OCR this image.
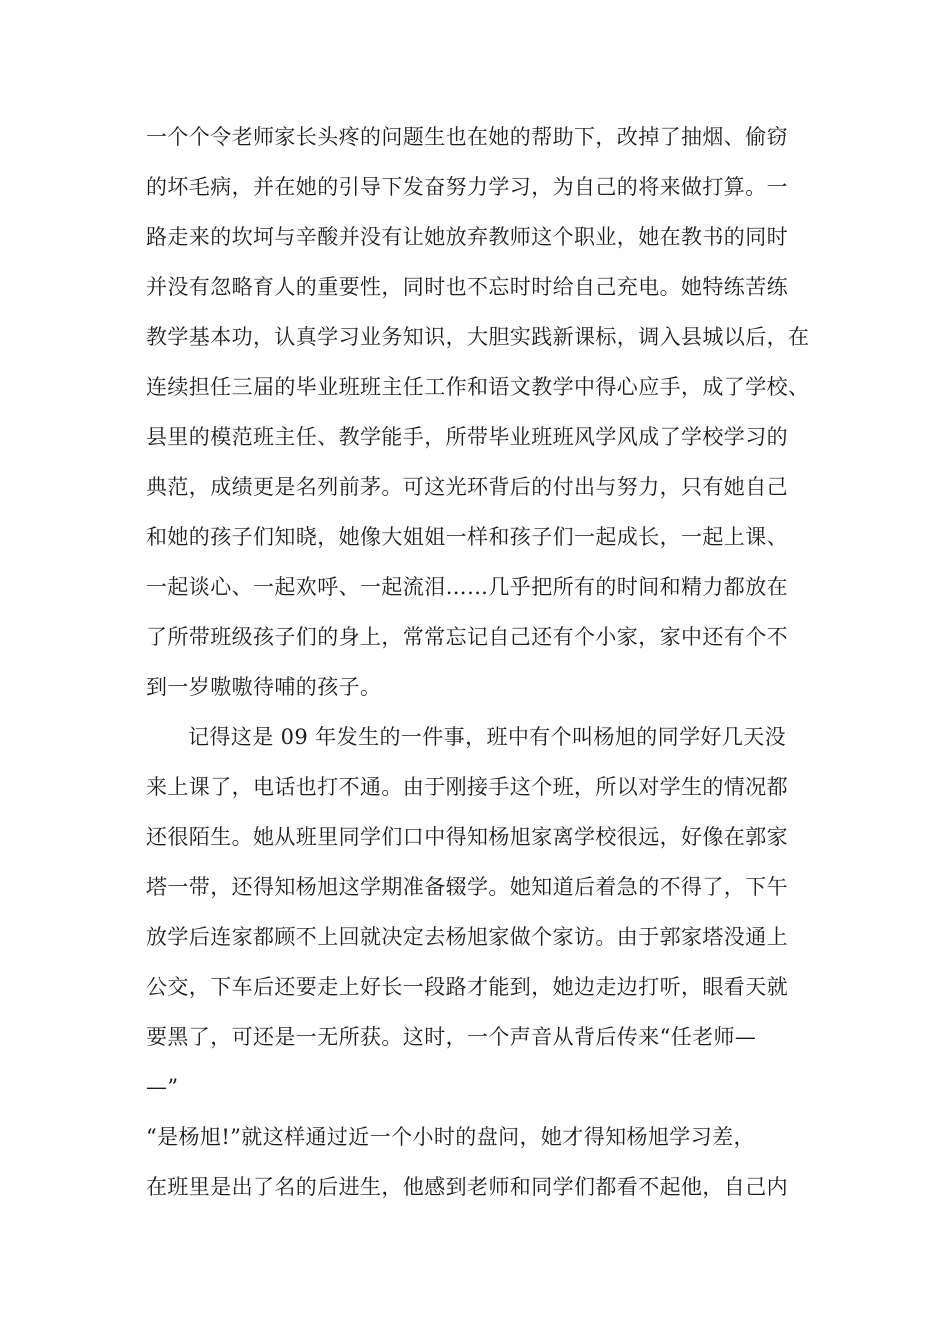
一个个令老师家长头疼的问题生也在她的帮助下，改掉了抽烟、偷窃
的坏毛病，并在她的引导下发奋努力学习，为自己的将来做打算。一
路走来的坎坷与辛酸并没有让她放弃教师这个职业，她在教书的同时
并没有忽略育人的重要性，同时也不忘时时给自己充电。她特练苦练
教学基本功，认真学习业务知识，大胆实践新课标，调入县城以后，在
连续担任三届的毕业班班主任工作和语文教学中得心应手，成了学校、
县里的模范班主任、教学能手，所带毕业班班风学风成了学校学习的
典范，成绩更是名列前茅。可这光环背后的付出与努力，只有她自己
和她的孩子们知晓，她像大姐姐一样和孩子们一起成长，一起上课、
一起谈心、一起欢呼、一起流泪……几乎把所有的时间和精力都放在
了所带班级孩子们的身上，常常忘记自己还有个小家，家中还有个不
到一岁嗷嗷待哺的孩子。
记得这是 09 年发生的一件事，班中有个叫杨旭的同学好几天没
来上课了，电话也打不通。由于刚接手这个班，所以对学生的情况都
还很陌生。她从班里同学们口中得知杨旭家离学校很远，好像在郭家
塔一带，还得知杨旭这学期准备辍学。她知道后着急的不得了，下午
放学后连家都顾不上回就决定去杨旭家做个家访。由于郭家塔没通上
公交，下车后还要走上好长一段路才能到，她边走边打听，眼看天就
要黑了，可还是一无所获。这时，一个声音从背后传来“任老师—
—”
“是杨旭!”就这样通过近一个小时的盘问，她才得知杨旭学习差，
在班里是出了名的后进生，他感到老师和同学们都看不起他，自己内
